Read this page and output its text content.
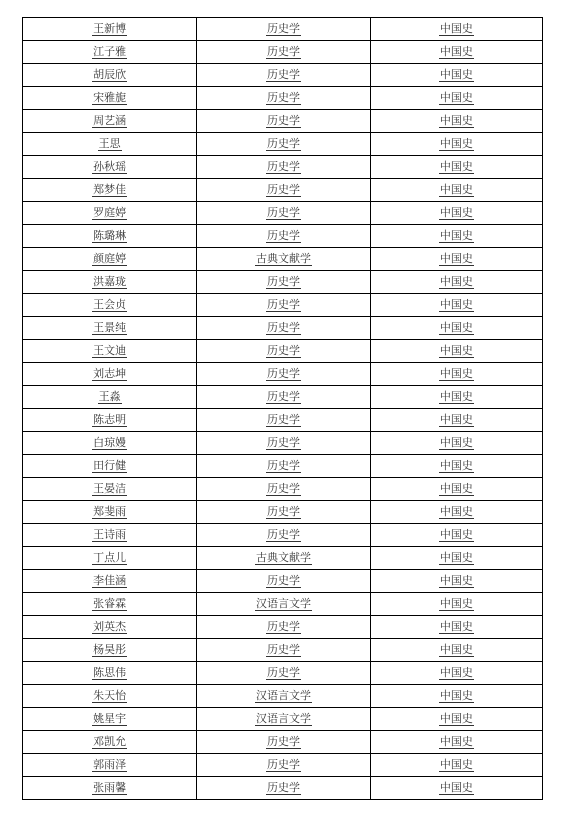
王新博	历史学	中国史
江子雅	历史学	中国史
胡辰欣	历史学	中国史
宋雅旎	历史学	中国史
周艺涵	历史学	中国史
王思	历史学	中国史
孙秋瑶	历史学	中国史
郑梦佳	历史学	中国史
罗庭婷	历史学	中国史
陈璐琳	历史学	中国史
颜庭婷	古典文献学	中国史
洪嘉珑	历史学	中国史
王会贞	历史学	中国史
王景纯	历史学	中国史
王文迪	历史学	中国史
刘志坤	历史学	中国史
王淼	历史学	中国史
陈志明	历史学	中国史
白琼嫚	历史学	中国史
田行健	历史学	中国史
王晏洁	历史学	中国史
郑斐雨	历史学	中国史
王诗雨	历史学	中国史
丁点儿	古典文献学	中国史
李佳涵	历史学	中国史
张睿霖	汉语言文学	中国史
刘英杰	历史学	中国史
杨昊彤	历史学	中国史
陈思伟	历史学	中国史
朱天怡	汉语言文学	中国史
姚星宇	汉语言文学	中国史
邓凯允	历史学	中国史
郭雨泽	历史学	中国史
张雨馨	历史学	中国史
